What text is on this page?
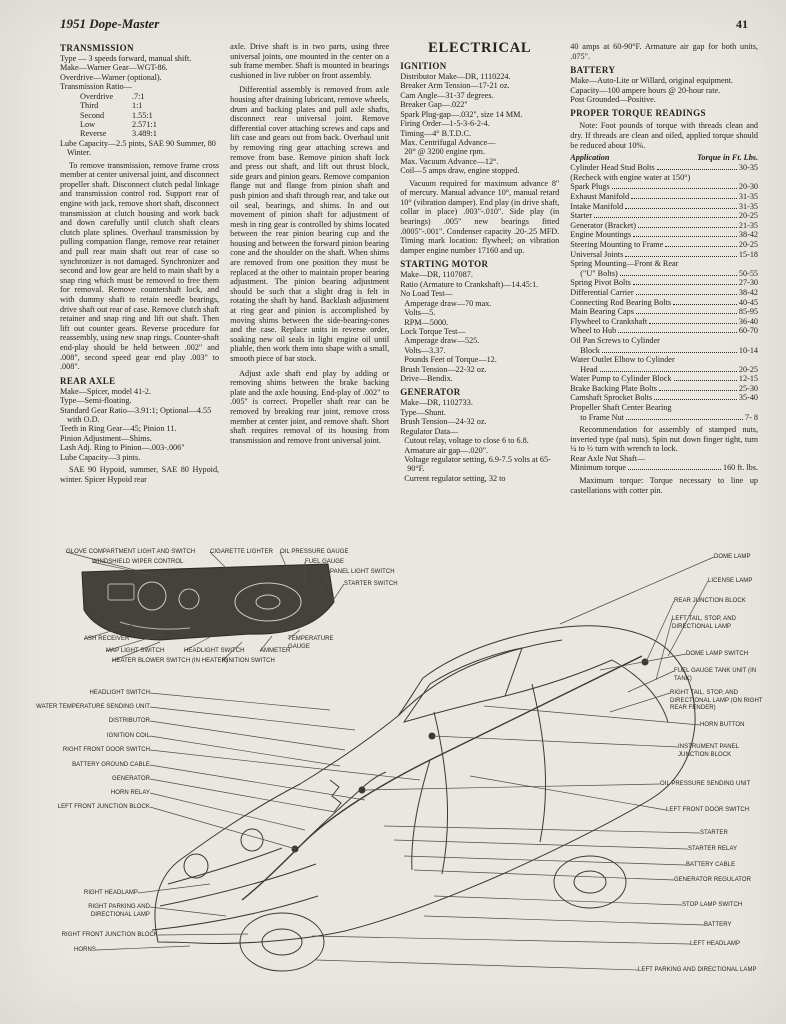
1951 Dope-Master	41
TRANSMISSION
Type — 3 speeds forward, manual shift.
Make—Warner Gear—WGT-86.
Overdrive—Warner (optional).
Transmission Ratio—
Overdrive	.7:1
Third	1:1
Second	1.55:1
Low	2.571:1
Reverse	3.489:1
Lube Capacity—2.5 pints, SAE 90 Summer, 80 Winter.

To remove transmission, remove frame cross member at center universal joint, and disconnect propeller shaft. Disconnect clutch pedal linkage and transmission control rod. Support rear of engine with jack, remove short shaft, disconnect transmission at clutch housing and work back and down carefully until clutch shaft clears clutch plate splines. Overhaul transmission by pulling companion flange, remove rear retainer and pull rear main shaft out rear of case so synchronizer is not damaged. Synchronizer and second and low gear are held to main shaft by a snap ring which must be removed to free them for removal. Remove countershaft lock, and with dummy shaft to retain needle bearings, drive shaft out rear of case. Remove clutch shaft retainer and snap ring and lift out shaft. Then lift out counter gears. Reverse procedure for reassembly, using new snap rings. Counter-shaft end-play should be held between .002" and .008", second speed gear end play .003" to .008".

REAR AXLE
Make—Spicer, model 41-2.
Type—Semi-floating.
Standard Gear Ratio—3.91:1; Optional—4.55 with O.D.
Teeth in Ring Gear—45; Pinion 11.
Pinion Adjustment—Shims.
Lash Adj. Ring to Pinion—.003-.006"
Lube Capacity—3 pints.

SAE 90 Hypoid, summer, SAE 80 Hypoid, winter. Spicer Hypoid rear

axle. Drive shaft is in two parts, using three universal joints, one mounted in the center on a sub frame member. Shaft is mounted in bearings cushioned in live rubber on front assembly.

Differential assembly is removed from axle housing after draining lubricant, remove wheels, drum and backing plates and pull axle shafts, disconnect rear universal joint. Remove differential cover attaching screws and caps and lift case and gears out from back. Overhaul unit by removing ring gear attaching screws and remove from base. Remove pinion shaft lock and press out shaft, and lift out thrust block, side gears and pinion gears. Remove companion flange nut and flange from pinion shaft and push pinion and shaft through rear, and take out oil seal, bearings, and shims. In and out movement of pinion shaft for adjustment of mesh in ring gear is controlled by shims located between the rear pinion bearing cup and the housing and between the forward pinion bearing cone and the shoulder on the shaft. When shims are removed from one position they must be replaced at the other to maintain proper bearing adjustment. The pinion bearing adjustment should be such that a slight drag is felt in rotating the shaft by hand. Backlash adjustment at ring gear and pinion is accomplished by moving shims between the side-bearing-cones and the case. Replace units in reverse order, soaking new oil seals in light engine oil until pliable, then work them into shape with a small, smooth piece of bar stock.

Adjust axle shaft end play by adding or removing shims between the brake backing plate and the axle housing. End-play of .002" to .005" is correct. Propeller shaft rear can be removed by breaking rear joint, remove cross member at center joint, and remove shaft. Short shaft requires removal of its housing from transmission and remove front universal joint.

ELECTRICAL
IGNITION
Distributor Make—DR, 1110224.
Breaker Arm Tension—17-21 oz.
Cam Angle—31-37 degrees.
Breaker Gap—.022"
Spark Plug-gap—.032", size 14 MM.
Firing Order—1-5-3-6-2-4.
Timing—4° B.T.D.C.
Max. Centrifugal Advance—
20° @ 3200 engine rpm.
Max. Vacuum Advance—12°.
Coil—5 amps draw, engine stopped.

Vacuum required for maximum advance 8" of mercury. Manual advance 10°, manual retard 10° (vibration damper). End play (in drive shaft, collar in place) .003"-.010". Side play (in bearings) .005" new bearings fitted .0005"-.001". Condenser capacity .20-.25 MFD. Timing mark location: flywheel; on vibration damper engine number 17160 and up.

STARTING MOTOR
Make—DR, 1107087.
Ratio (Armature to Crankshaft)—14.45:1.
No Load Test—
Amperage draw—70 max.
Volts—5.
RPM—5000.
Lock Torque Test—
Amperage draw—525.
Volts—3.37.
Pounds Feet of Torque—12.
Brush Tension—22-32 oz.
Drive—Bendix.
GENERATOR
Make—DR, 1102733.
Type—Shunt.
Brush Tension—24-32 oz.
Regulator Data—
Cutout relay, voltage to close 6 to 6.8.
Armature air gap—.020".
Voltage regulator setting, 6.9-7.5 volts at 65-90°F.
Current regulator setting, 32 to

40 amps at 60-90°F. Armature air gap for both units, .075".

BATTERY
Make—Auto-Lite or Willard, original equipment.
Capacity—100 ampere hours @ 20-hour rate.
Post Grounded—Positive.
PROPER TORQUE READINGS

Note: Foot pounds of torque with threads clean and dry. If threads are clean and oiled, applied torque should be reduced about 10%.

Application	Torque in Ft. Lbs.
Cylinder Head Stud Bolts	30-35
(Recheck with engine water at 150°)
Spark Plugs	20-30
Exhaust Manifold	31-35
Intake Manifold	31-35
Starter	20-25
Generator (Bracket)	21-35
Engine Mountings	38-42
Steering Mounting to Frame	20-25
Universal Joints	15-18
Spring Mounting—Front & Rear
("U" Bolts)	50-55
Spring Pivot Bolts	27-30
Differential Carrier	38-42
Connecting Rod Bearing Bolts	40-45
Main Bearing Caps	85-95
Flywheel to Crankshaft	36-40
Wheel to Hub	60-70
Oil Pan Screws to Cylinder
Block	10-14
Water Outlet Elbow to Cylinder
Head	20-25
Water Pump to Cylinder Block	12-15
Brake Backing Plate Bolts	25-30
Camshaft Sprocket Bolts	35-40
Propeller Shaft Center Bearing
to Frame Nut	7- 8

Recommendation for assembly of stamped nuts, inverted type (pal nuts). Spin nut down finger tight, turn ¼ to ½ turn with wrench to lock.

Rear Axle Nut Shaft—
Minimum torque	160 ft. lbs.

Maximum torque: Torque necessary to line up castellations with cotter pin.

GLOVE COMPARTMENT LIGHT AND SWITCH CIGARETTE LIGHTER OIL PRESSURE GAUGE
WINDSHIELD WIPER CONTROL	FUEL GAUGE
PANEL LIGHT SWITCH
STARTER SWITCH
ASH RECEIVER
MAP LIGHT SWITCH	HEADLIGHT SWITCH	AMMETER
TEMPERATURE GAUGE
HEATER BLOWER SWITCH (IN HEATER)
IGNITION SWITCH
HEADLIGHT SWITCH
WATER TEMPERATURE SENDING UNIT
DISTRIBUTOR
IGNITION COIL
RIGHT FRONT DOOR SWITCH
BATTERY GROUND CABLE
GENERATOR
HORN RELAY
LEFT FRONT JUNCTION BLOCK
RIGHT HEADLAMP
RIGHT PARKING AND DIRECTIONAL LAMP
RIGHT FRONT JUNCTION BLOCK
HORNS
DOME LAMP
LICENSE LAMP
REAR JUNCTION BLOCK
LEFT TAIL, STOP, AND DIRECTIONAL LAMP
DOME LAMP SWITCH
FUEL GAUGE TANK UNIT (IN TANK)
RIGHT TAIL, STOP, AND DIRECTIONAL LAMP (ON RIGHT REAR FENDER)
HORN BUTTON
INSTRUMENT PANEL JUNCTION BLOCK
OIL PRESSURE SENDING UNIT
LEFT FRONT DOOR SWITCH
STARTER
STARTER RELAY
BATTERY CABLE
GENERATOR REGULATOR
STOP LAMP SWITCH
BATTERY
LEFT HEADLAMP
LEFT PARKING AND DIRECTIONAL LAMP
